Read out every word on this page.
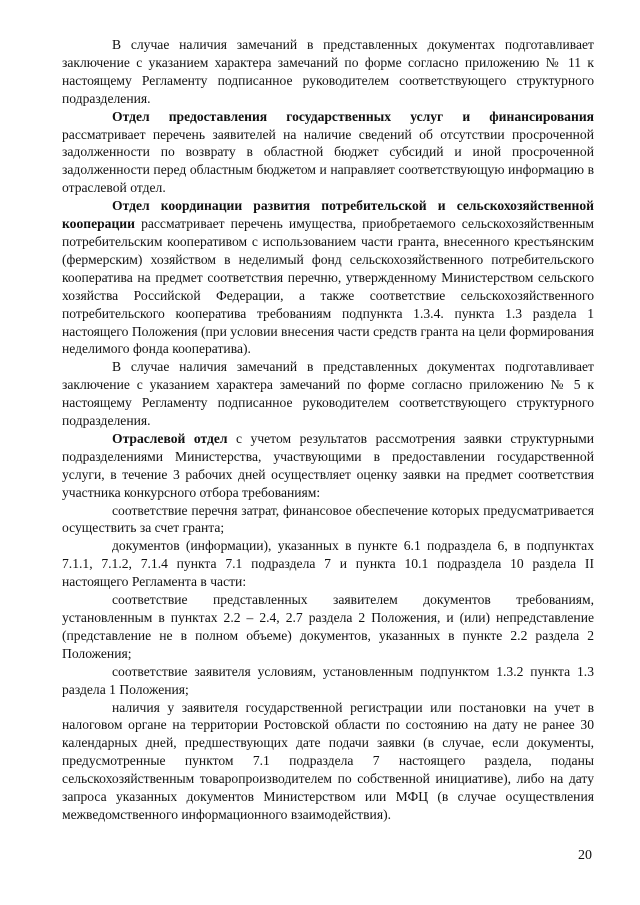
В случае наличия замечаний в представленных документах подготавливает заключение с указанием характера замечаний по форме согласно приложению № 11 к настоящему Регламенту подписанное руководителем соответствующего структурного подразделения.

Отдел предоставления государственных услуг и финансирования рассматривает перечень заявителей на наличие сведений об отсутствии просроченной задолженности по возврату в областной бюджет субсидий и иной просроченной задолженности перед областным бюджетом и направляет соответствующую информацию в отраслевой отдел.

Отдел координации развития потребительской и сельскохозяйственной кооперации рассматривает перечень имущества, приобретаемого сельскохозяйственным потребительским кооперативом с использованием части гранта, внесенного крестьянским (фермерским) хозяйством в неделимый фонд сельскохозяйственного потребительского кооператива на предмет соответствия перечню, утвержденному Министерством сельского хозяйства Российской Федерации, а также соответствие сельскохозяйственного потребительского кооператива требованиям подпункта 1.3.4. пункта 1.3 раздела 1 настоящего Положения (при условии внесения части средств гранта на цели формирования неделимого фонда кооператива).

В случае наличия замечаний в представленных документах подготавливает заключение с указанием характера замечаний по форме согласно приложению № 5 к настоящему Регламенту подписанное руководителем соответствующего структурного подразделения.

Отраслевой отдел с учетом результатов рассмотрения заявки структурными подразделениями Министерства, участвующими в предоставлении государственной услуги, в течение 3 рабочих дней осуществляет оценку заявки на предмет соответствия участника конкурсного отбора требованиям:

соответствие перечня затрат, финансовое обеспечение которых предусматривается осуществить за счет гранта;

документов (информации), указанных в пункте 6.1 подраздела 6, в подпунктах 7.1.1, 7.1.2, 7.1.4 пункта 7.1 подраздела 7 и пункта 10.1 подраздела 10 раздела II настоящего Регламента в части:

соответствие представленных заявителем документов требованиям, установленным в пунктах 2.2 – 2.4, 2.7 раздела 2 Положения, и (или) непредставление (представление не в полном объеме) документов, указанных в пункте 2.2 раздела 2 Положения;

соответствие заявителя условиям, установленным подпунктом 1.3.2 пункта 1.3 раздела 1 Положения;

наличия у заявителя государственной регистрации или постановки на учет в налоговом органе на территории Ростовской области по состоянию на дату не ранее 30 календарных дней, предшествующих дате подачи заявки (в случае, если документы, предусмотренные пунктом 7.1 подраздела 7 настоящего раздела, поданы сельскохозяйственным товаропроизводителем по собственной инициативе), либо на дату запроса указанных документов Министерством или МФЦ (в случае осуществления межведомственного информационного взаимодействия).

20
